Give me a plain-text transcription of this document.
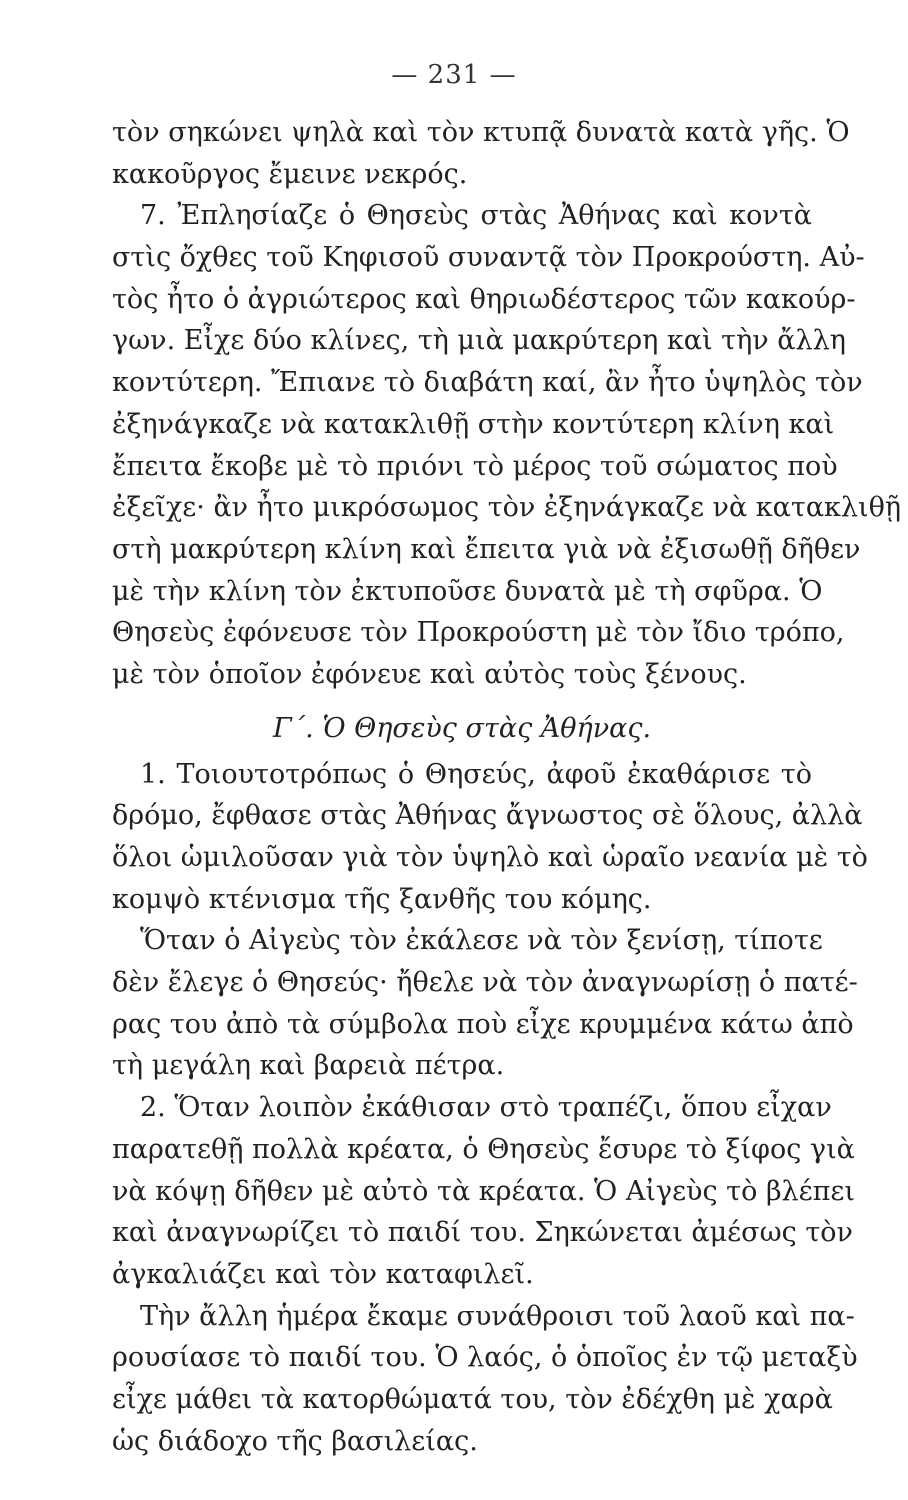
— 231 —
τὸν σηκώνει ψηλὰ καὶ τὸν κτυπᾷ δυνατὰ κατὰ γῆς. Ὁ
κακοῦργος ἔμεινε νεκρός.
7. Ἐπλησίαζε ὁ Θησεὺς στὰς Ἀθήνας καὶ κοντὰ
στὶς ὄχθες τοῦ Κηφισοῦ συναντᾷ τὸν Προκρούστη. Αὐ-
τὸς ἦτο ὁ ἀγριώτερος καὶ θηριωδέστερος τῶν κακούρ-
γων. Εἶχε δύο κλίνες, τὴ μιὰ μακρύτερη καὶ τὴν ἄλλη
κοντύτερη. Ἔπιανε τὸ διαβάτη καί, ἂν ἦτο ὑψηλὸς τὸν
ἐξηνάγκαζε νὰ κατακλιθῇ στὴν κοντύτερη κλίνη καὶ
ἔπειτα ἔκοβε μὲ τὸ πριόνι τὸ μέρος τοῦ σώματος ποὺ
ἐξεῖχε· ἂν ἦτο μικρόσωμος τὸν ἐξηνάγκαζε νὰ κατακλιθῇ
στὴ μακρύτερη κλίνη καὶ ἔπειτα γιὰ νὰ ἐξισωθῇ δῆθεν
μὲ τὴν κλίνη τὸν ἐκτυποῦσε δυνατὰ μὲ τὴ σφῦρα. Ὁ
Θησεὺς ἐφόνευσε τὸν Προκρούστη μὲ τὸν ἴδιο τρόπο,
μὲ τὸν ὁποῖον ἐφόνευε καὶ αὐτὸς τοὺς ξένους.
Γ΄. Ὁ Θησεὺς στὰς Ἀθήνας.
1. Τοιουτοτρόπως ὁ Θησεύς, ἀφοῦ ἐκαθάρισε τὸ
δρόμο, ἔφθασε στὰς Ἀθήνας ἄγνωστος σὲ ὅλους, ἀλλὰ
ὅλοι ὡμιλοῦσαν γιὰ τὸν ὑψηλὸ καὶ ὡραῖο νεανία μὲ τὸ
κομψὸ κτένισμα τῆς ξανθῆς του κόμης.
Ὅταν ὁ Αἰγεὺς τὸν ἐκάλεσε νὰ τὸν ξενίσῃ, τίποτε
δὲν ἔλεγε ὁ Θησεύς· ἤθελε νὰ τὸν ἀναγνωρίσῃ ὁ πατέ-
ρας του ἀπὸ τὰ σύμβολα ποὺ εἶχε κρυμμένα κάτω ἀπὸ
τὴ μεγάλη καὶ βαρειὰ πέτρα.
2. Ὅταν λοιπὸν ἐκάθισαν στὸ τραπέζι, ὅπου εἶχαν
παρατεθῇ πολλὰ κρέατα, ὁ Θησεὺς ἔσυρε τὸ ξίφος γιὰ
νὰ κόψῃ δῆθεν μὲ αὐτὸ τὰ κρέατα. Ὁ Αἰγεὺς τὸ βλέπει
καὶ ἀναγνωρίζει τὸ παιδί του. Σηκώνεται ἀμέσως τὸν
ἀγκαλιάζει καὶ τὸν καταφιλεῖ.
Τὴν ἄλλη ἡμέρα ἔκαμε συνάθροισι τοῦ λαοῦ καὶ πα-
ρουσίασε τὸ παιδί του. Ὁ λαός, ὁ ὁποῖος ἐν τῷ μεταξὺ
εἶχε μάθει τὰ κατορθώματά του, τὸν ἐδέχθη μὲ χαρὰ
ὡς διάδοχο τῆς βασιλείας.
